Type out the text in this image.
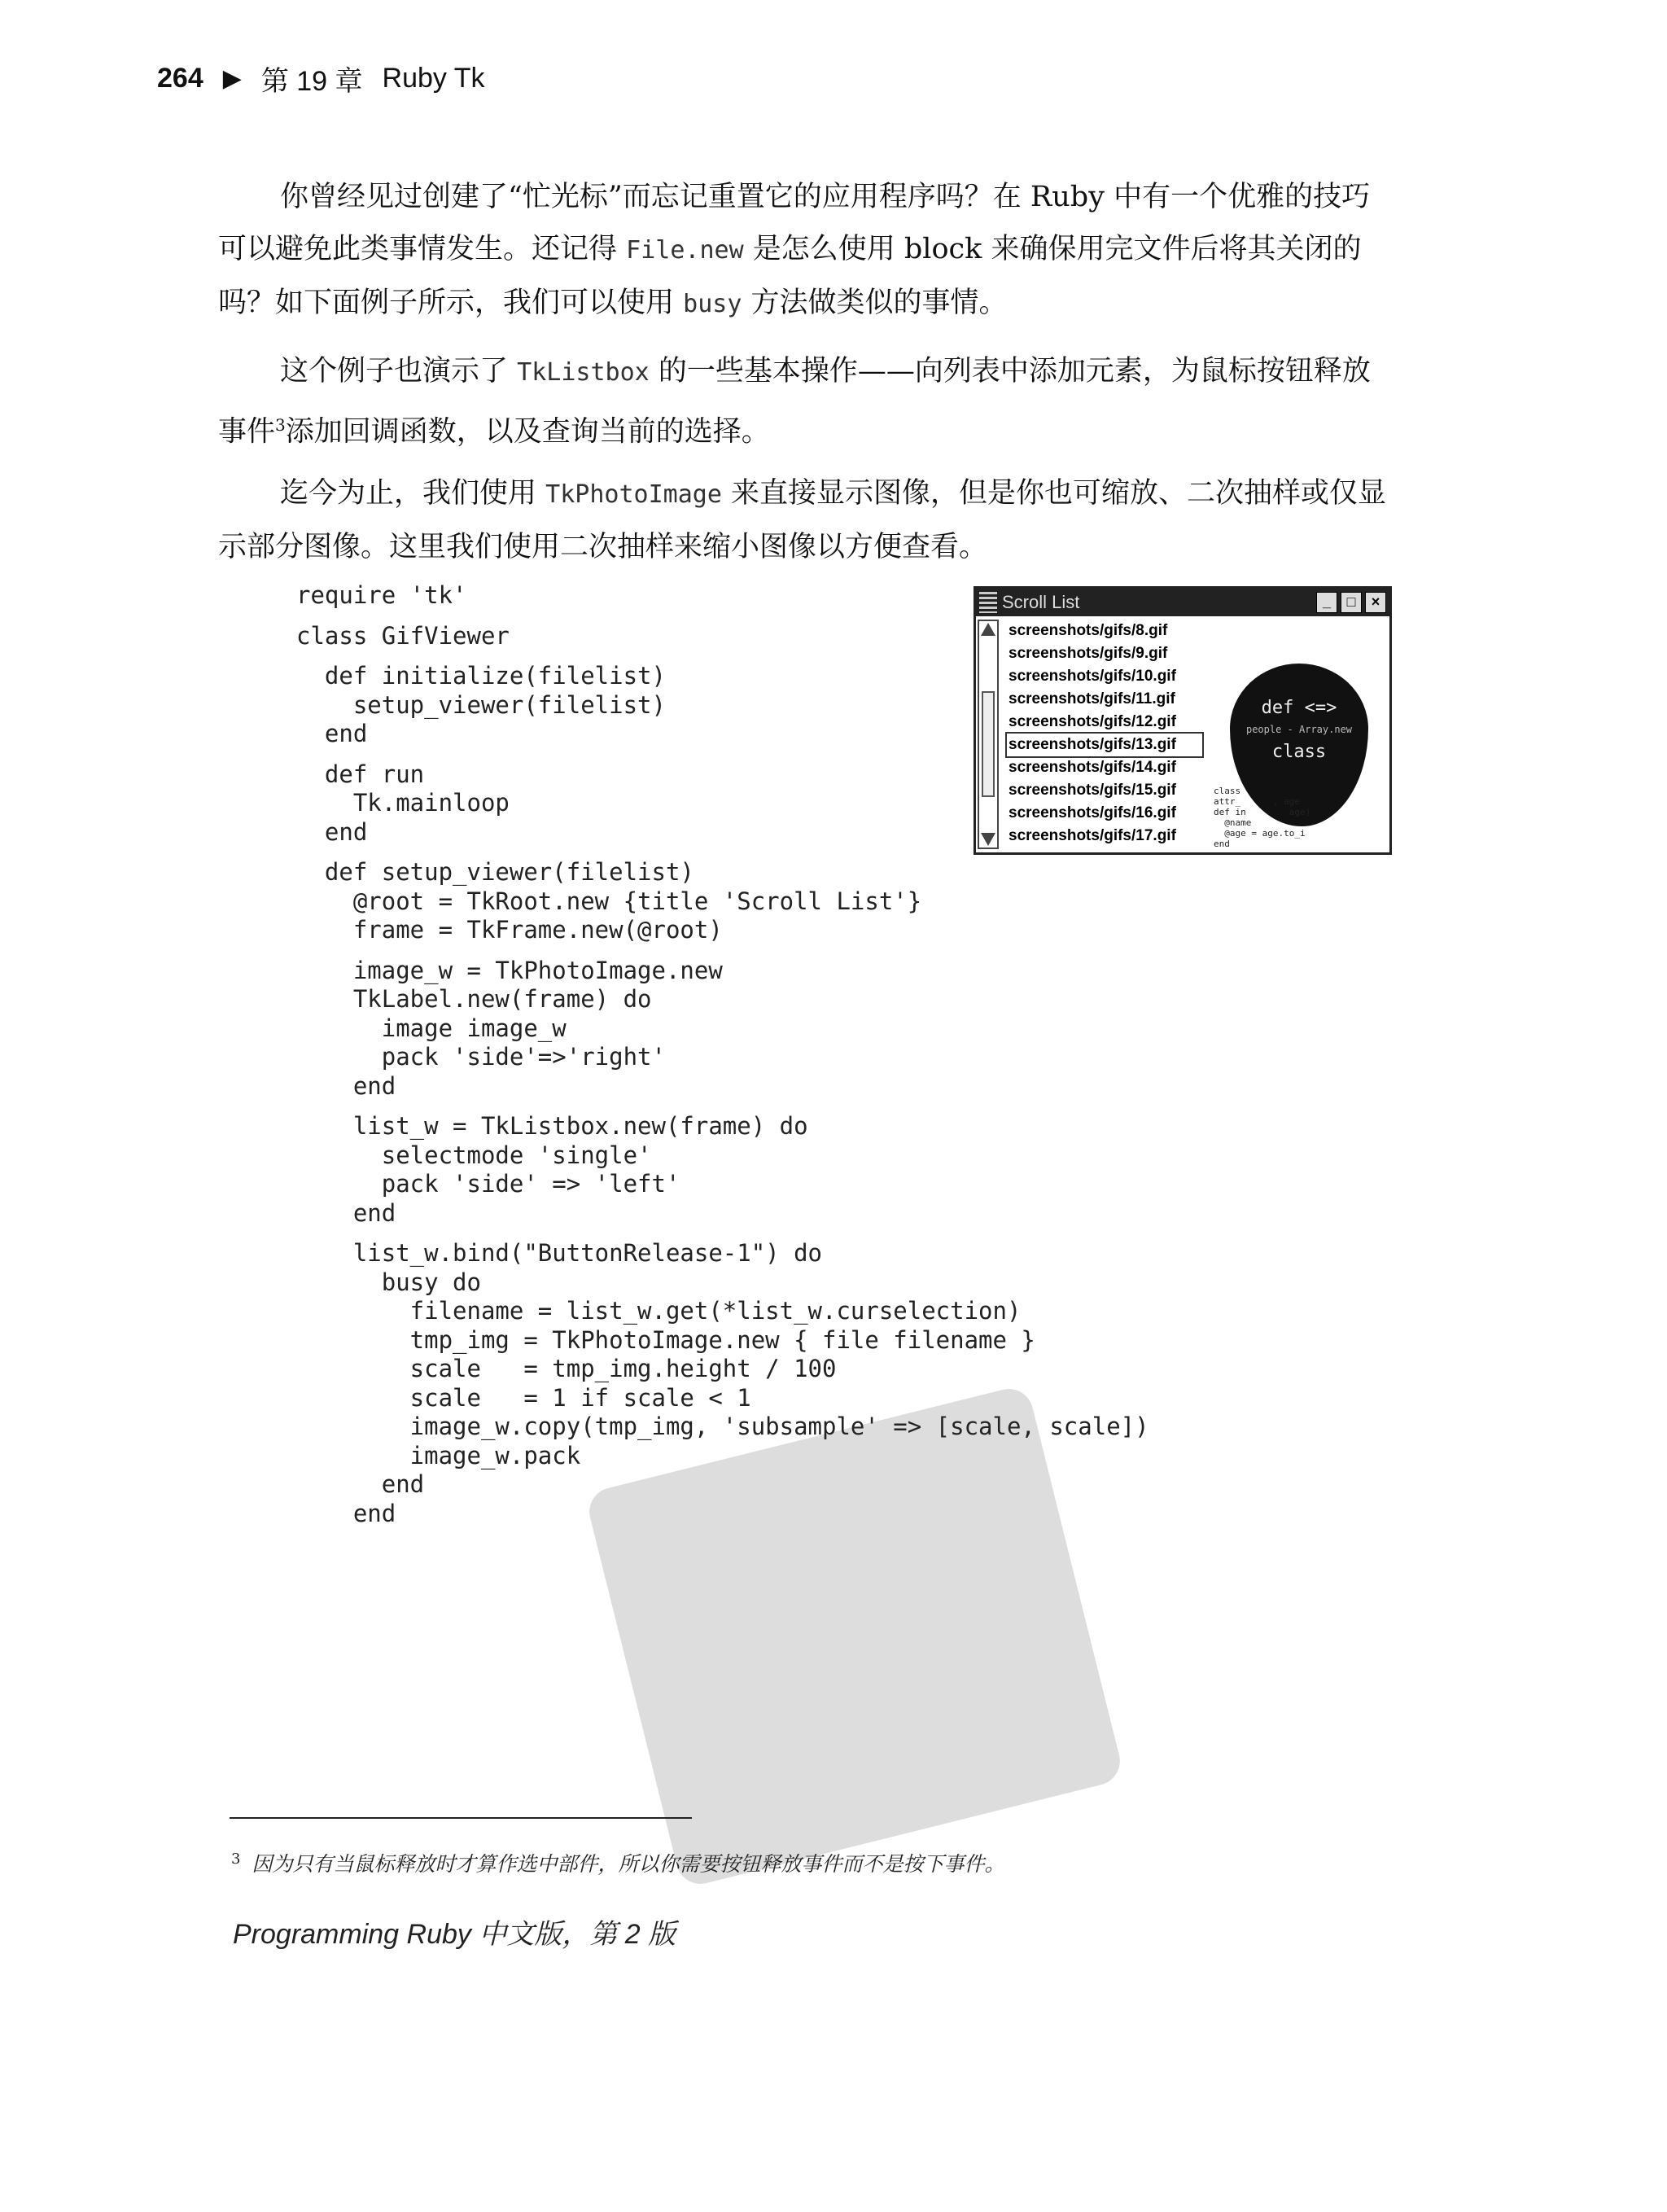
264 ▶ 第 19 章 Ruby Tk

你曾经见过创建了“忙光标”而忘记重置它的应用程序吗？在 Ruby 中有一个优雅的技巧可以避免此类事情发生。还记得 File.new 是怎么使用 block 来确保用完文件后将其关闭的吗？如下面例子所示，我们可以使用 busy 方法做类似的事情。

这个例子也演示了 TkListbox 的一些基本操作——向列表中添加元素，为鼠标按钮释放事件$^3$添加回调函数，以及查询当前的选择。

迄今为止，我们使用 TkPhotoImage 来直接显示图像，但是你也可缩放、二次抽样或仅显示部分图像。这里我们使用二次抽样来缩小图像以方便查看。

require 'tk'
class GifViewer
def initialize(filelist)
setup_viewer(filelist)
end
def run
Tk.mainloop
end
def setup_viewer(filelist)
@root = TkRoot.new {title 'Scroll List'}
frame = TkFrame.new(@root)
image_w = TkPhotoImage.new
TkLabel.new(frame) do
image image_w
pack 'side'=>'right'
end
list_w = TkListbox.new(frame) do
selectmode 'single'
pack 'side' => 'left'
end
list_w.bind("ButtonRelease-1") do
busy do
filename = list_w.get(*list_w.curselection)
tmp_img = TkPhotoImage.new { file filename }
scale   = tmp_img.height / 100
scale   = 1 if scale < 1
image_w.copy(tmp_img, 'subsample' => [scale, scale])
image_w.pack
end
end
Scroll List	_	□	×
screenshots/gifs/8.gif
screenshots/gifs/9.gif
screenshots/gifs/10.gif
screenshots/gifs/11.gif
screenshots/gifs/12.gif
screenshots/gifs/13.gif
screenshots/gifs/14.gif
screenshots/gifs/15.gif
screenshots/gifs/16.gif
screenshots/gifs/17.gif
def <=>
people - Array.new
class
class
attr_      , age
def in        age)
@name
@age = age.to_i
end
$^3$ 因为只有当鼠标释放时才算作选中部件，所以你需要按钮释放事件而不是按下事件。
Programming Ruby 中文版，第 2 版
